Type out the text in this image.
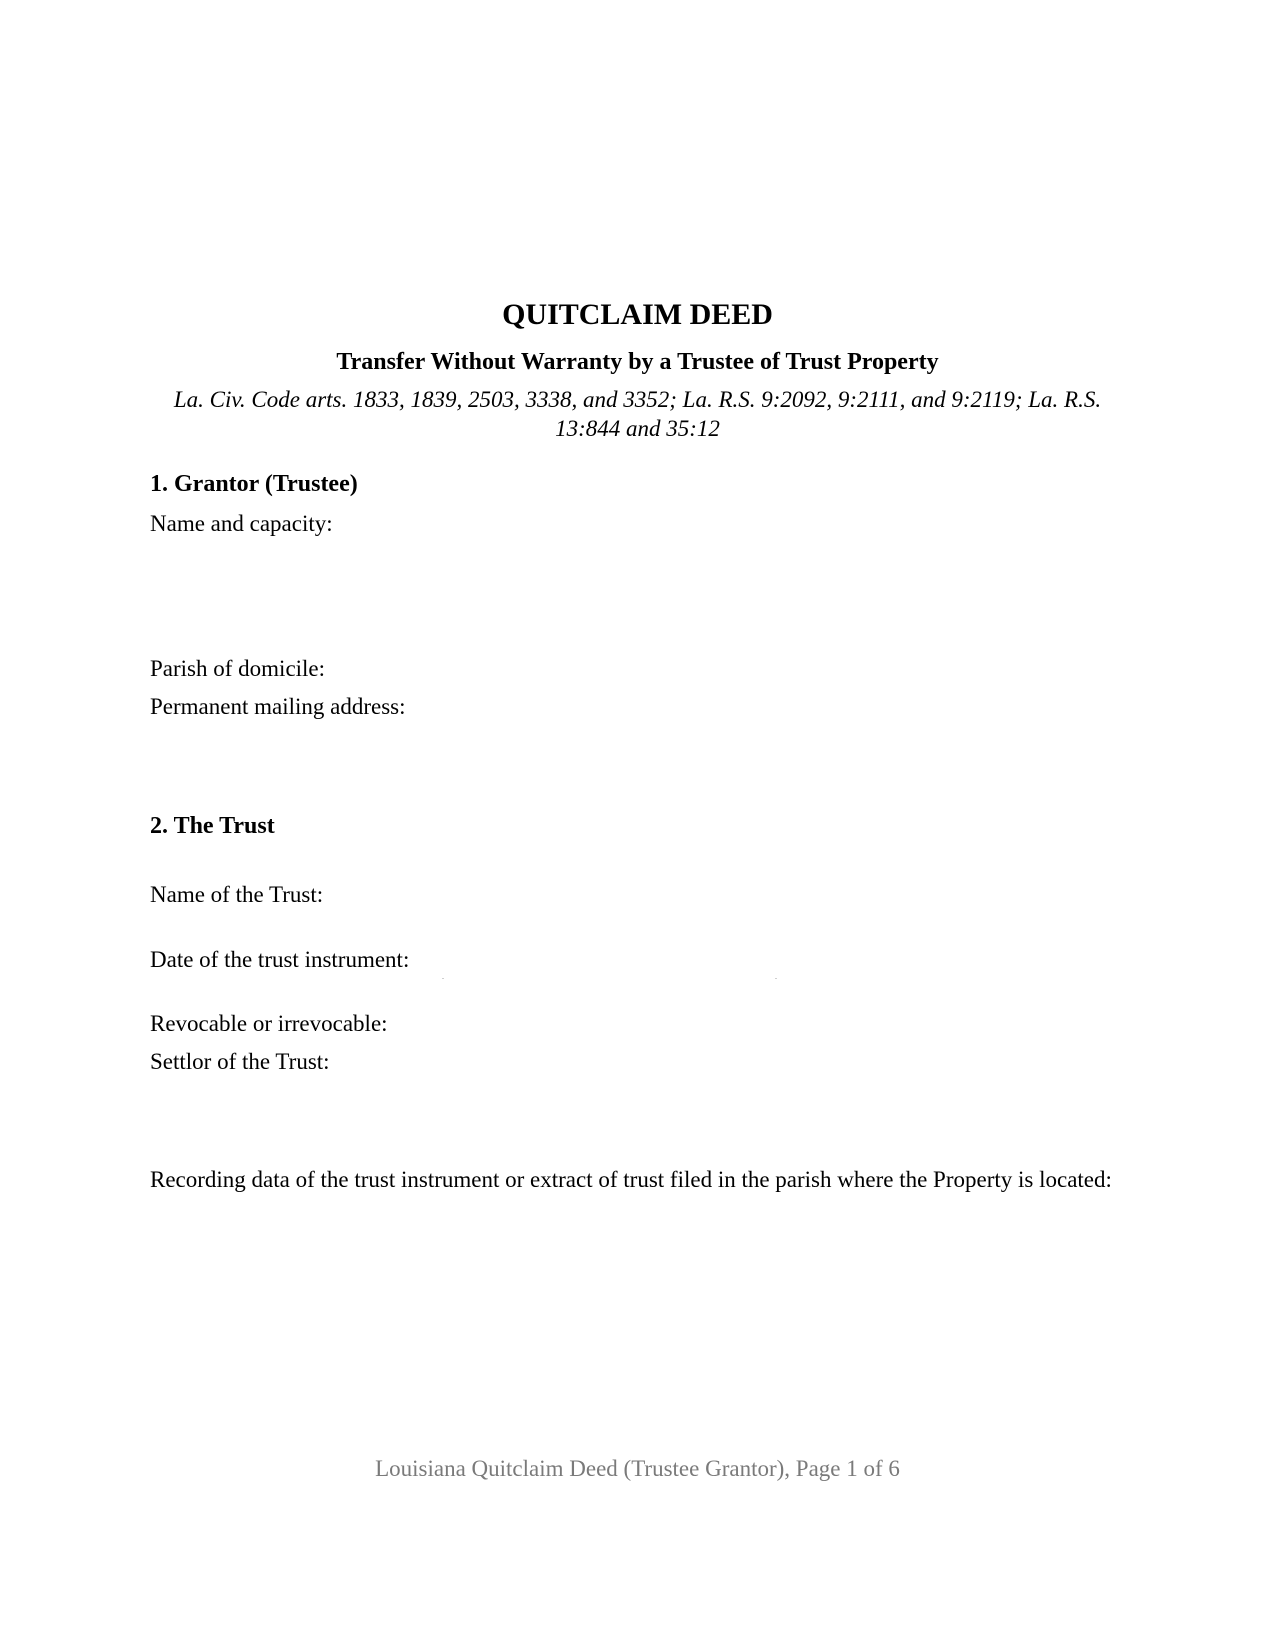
QUITCLAIM DEED
Transfer Without Warranty by a Trustee of Trust Property

La. Civ. Code arts. 1833, 1839, 2503, 3338, and 3352; La. R.S. 9:2092, 9:2111, and 9:2119; La. R.S. 13:844 and 35:12

1. Grantor (Trustee)

Name and capacity:

Parish of domicile:

Permanent mailing address:

2. The Trust

Name of the Trust:

Date of the trust instrument:

Revocable or irrevocable:

Settlor of the Trust:

Recording data of the trust instrument or extract of trust filed in the parish where the Property is located:

Louisiana Quitclaim Deed (Trustee Grantor), Page 1 of 6
